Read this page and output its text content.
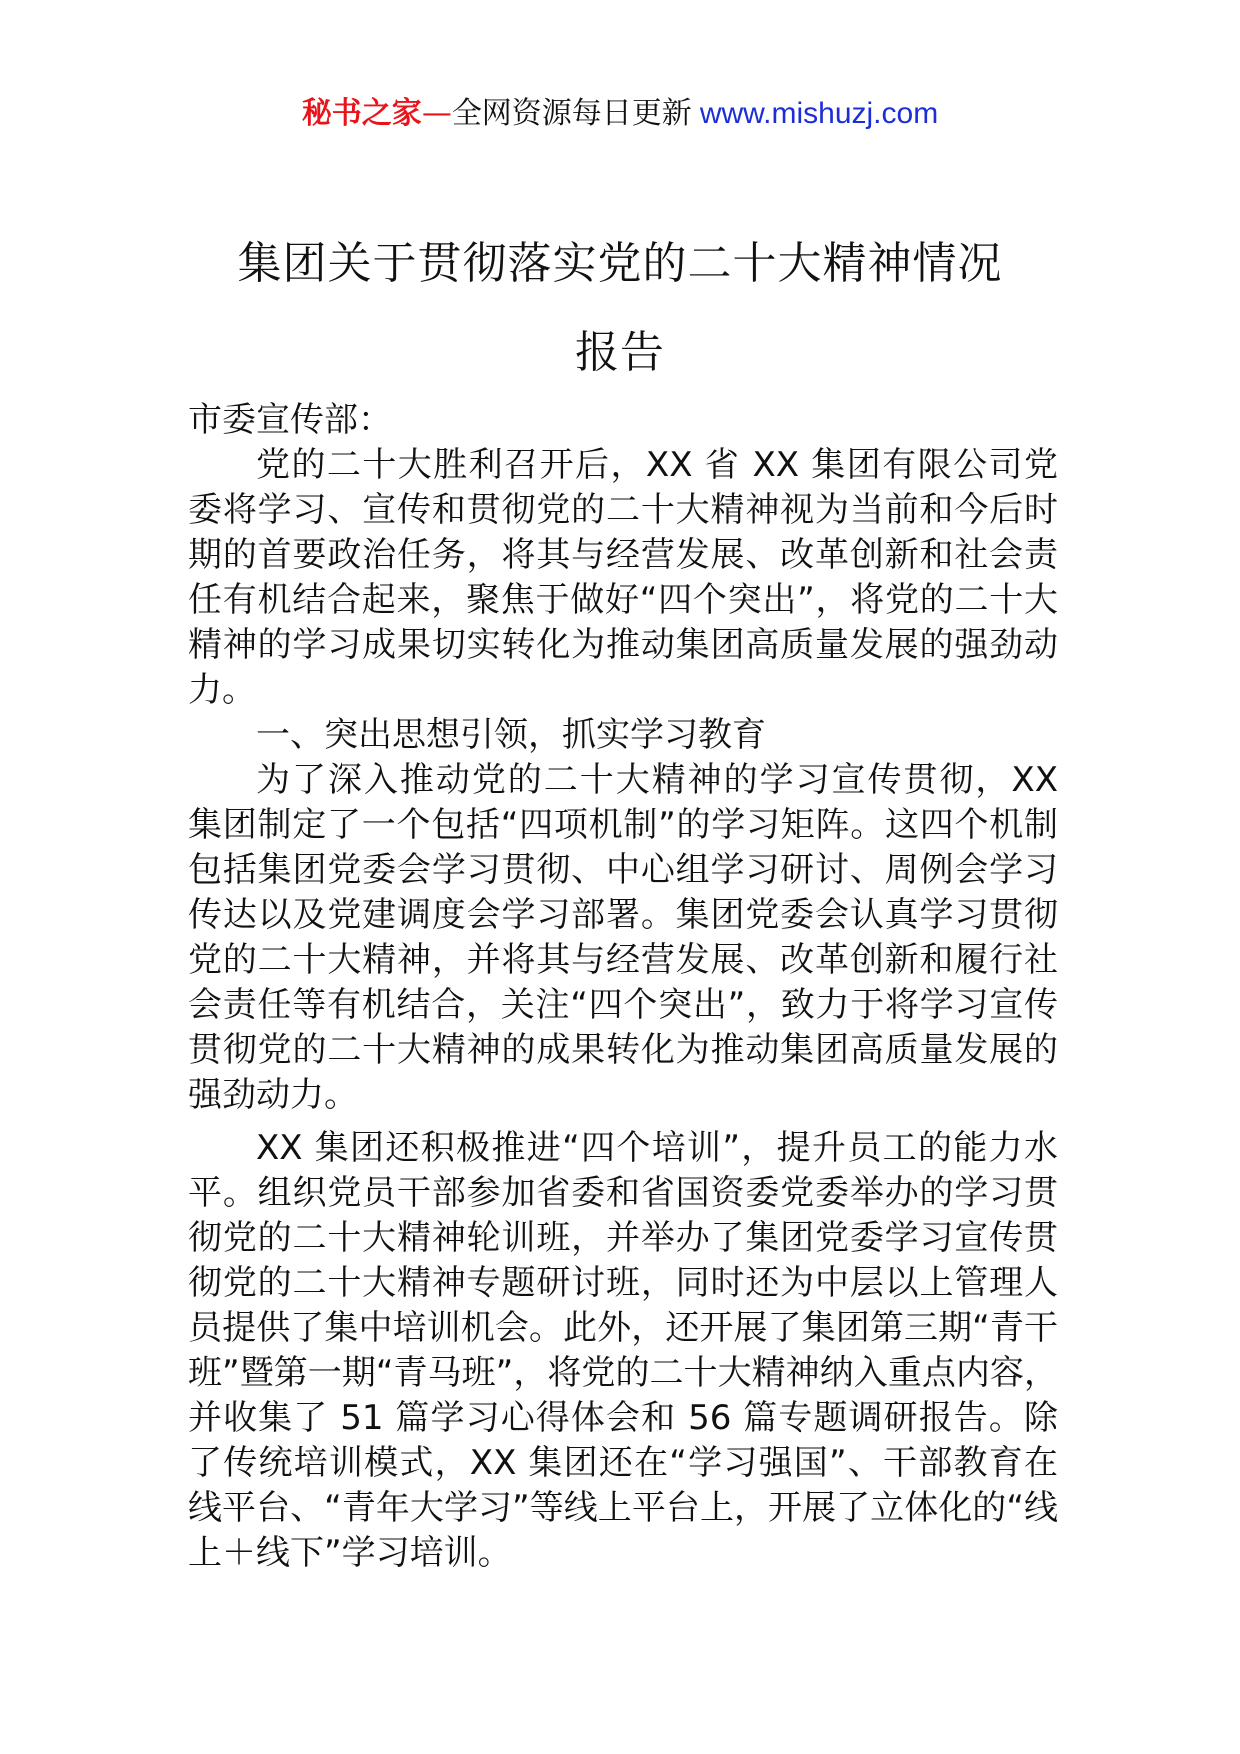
秘书之家—全网资源每日更新 www.mishuzj.com
集团关于贯彻落实党的二十大精神情况
报告

市委宣传部：

党的二十大胜利召开后，XX 省 XX 集团有限公司党委将学习、宣传和贯彻党的二十大精神视为当前和今后时期的首要政治任务，将其与经营发展、改革创新和社会责任有机结合起来，聚焦于做好“四个突出”，将党的二十大精神的学习成果切实转化为推动集团高质量发展的强劲动力。

一、突出思想引领，抓实学习教育

为了深入推动党的二十大精神的学习宣传贯彻，XX 集团制定了一个包括“四项机制”的学习矩阵。这四个机制包括集团党委会学习贯彻、中心组学习研讨、周例会学习传达以及党建调度会学习部署。集团党委会认真学习贯彻党的二十大精神，并将其与经营发展、改革创新和履行社会责任等有机结合，关注“四个突出”，致力于将学习宣传贯彻党的二十大精神的成果转化为推动集团高质量发展的强劲动力。

XX 集团还积极推进“四个培训”，提升员工的能力水平。组织党员干部参加省委和省国资委党委举办的学习贯彻党的二十大精神轮训班，并举办了集团党委学习宣传贯彻党的二十大精神专题研讨班，同时还为中层以上管理人员提供了集中培训机会。此外，还开展了集团第三期“青干班”暨第一期“青马班”，将党的二十大精神纳入重点内容，并收集了 51 篇学习心得体会和 56 篇专题调研报告。除了传统培训模式，XX 集团还在“学习强国”、干部教育在线平台、“青年大学习”等线上平台上，开展了立体化的“线上＋线下”学习培训。
